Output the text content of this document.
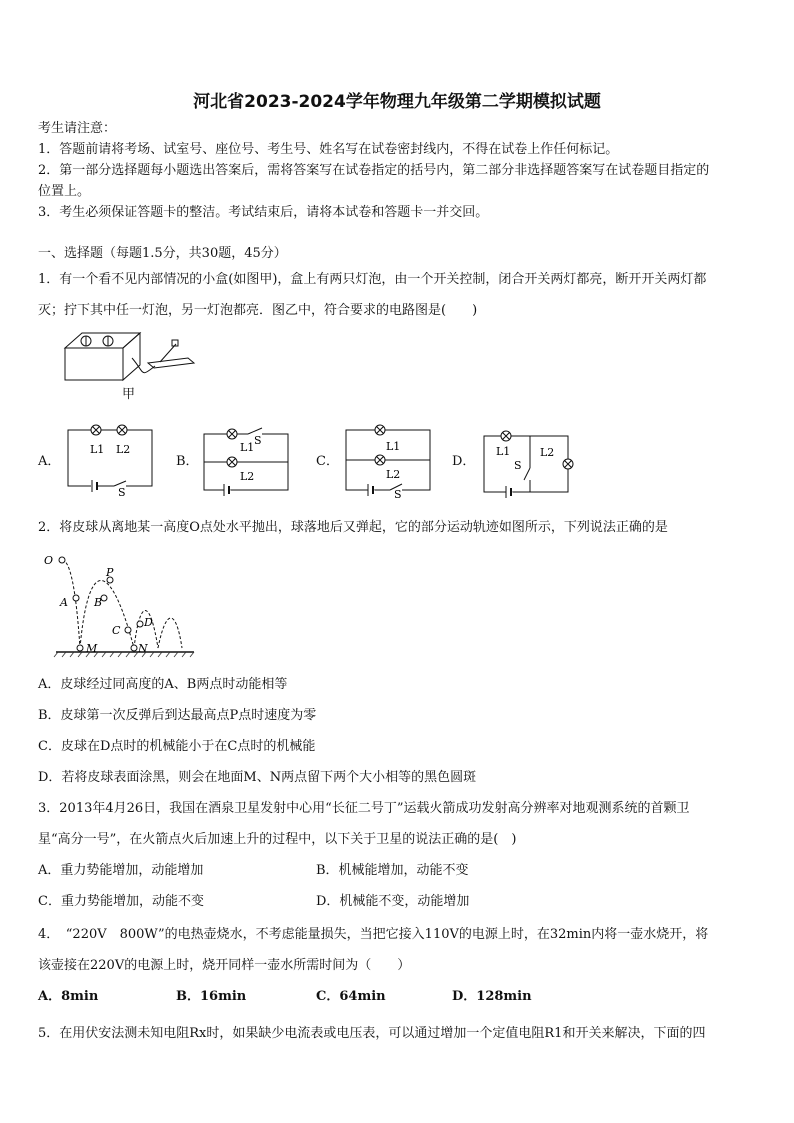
河北省2023-2024学年物理九年级第二学期模拟试题
考生请注意：
1．答题前请将考场、试室号、座位号、考生号、姓名写在试卷密封线内，不得在试卷上作任何标记。
2．第一部分选择题每小题选出答案后，需将答案写在试卷指定的括号内，第二部分非选择题答案写在试卷题目指定的
位置上。
3．考生必须保证答题卡的整洁。考试结束后，请将本试卷和答题卡一并交回。
一、选择题（每题1.5分，共30题，45分）
1．有一个看不见内部情况的小盒(如图甲)，盒上有两只灯泡，由一个开关控制，闭合开关两灯都亮，断开开关两灯都
灭；拧下其中任一灯泡，另一灯泡都亮．图乙中，符合要求的电路图是(　　)
甲
A．
L1 L2
S
B．
L1
S
L2
C．
L1
L2
S
D．
L1
S
L2
2．将皮球从离地某一高度O点处水平抛出，球落地后又弹起，它的部分运动轨迹如图所示，下列说法正确的是
O
A B
P
C
D
M	N
A．皮球经过同高度的A、B两点时动能相等
B．皮球第一次反弹后到达最高点P点时速度为零
C．皮球在D点时的机械能小于在C点时的机械能
D．若将皮球表面涂黑，则会在地面M、N两点留下两个大小相等的黑色圆斑
3．2013年4月26日，我国在酒泉卫星发射中心用“长征二号丁”运载火箭成功发射高分辨率对地观测系统的首颗卫
星“高分一号”，在火箭点火后加速上升的过程中，以下关于卫星的说法正确的是(　)
A．重力势能增加，动能增加	B．机械能增加，动能不变
C．重力势能增加，动能不变	D．机械能不变，动能增加
4．　“220V　800W”的电热壶烧水，不考虑能量损失，当把它接入110V的电源上时，在32min内将一壶水烧开，将
该壶接在220V的电源上时，烧开同样一壶水所需时间为（　　）
A．8min	B．16min	C．64min	D．128min
5．在用伏安法测未知电阻Rx时，如果缺少电流表或电压表，可以通过增加一个定值电阻R1和开关来解决，下面的四
